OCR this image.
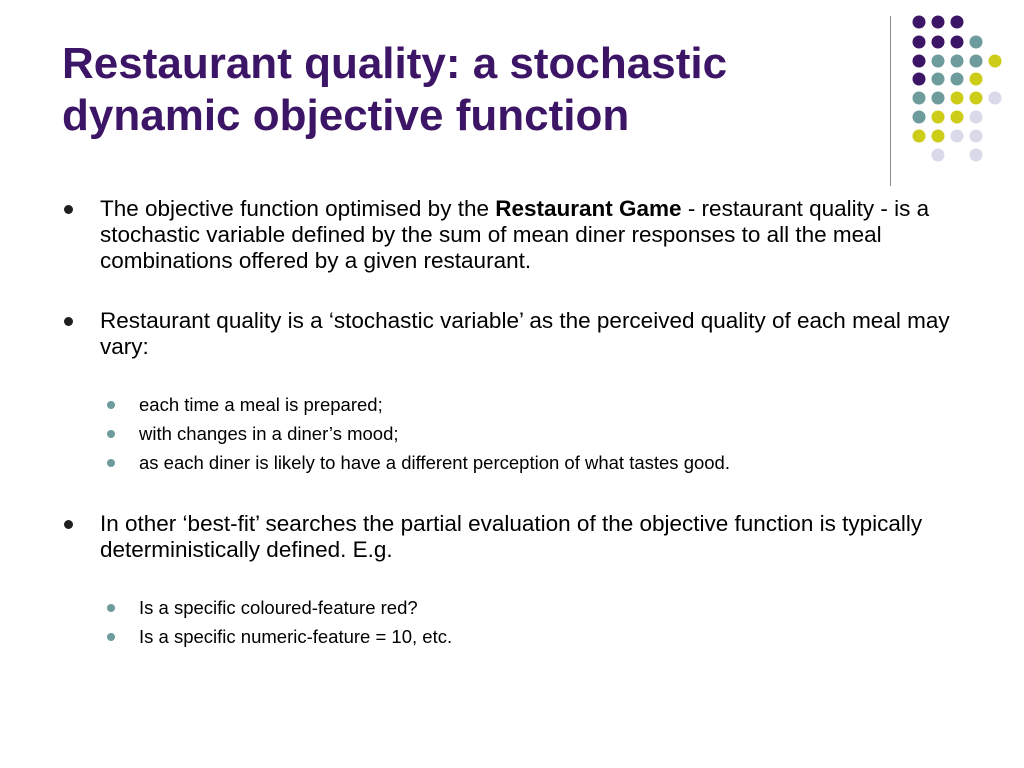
Restaurant quality: a stochastic
dynamic objective function
The objective function optimised by the Restaurant Game - restaurant quality - is a stochastic variable defined by the sum of mean diner responses to all the meal combinations offered by a given restaurant.
Restaurant quality is a ‘stochastic variable’ as the perceived quality of each meal may vary:
each time a meal is prepared;
with changes in a diner’s mood;
as each diner is likely to have a different perception of what tastes good.
In other ‘best-fit’ searches the partial evaluation of the objective function is typically deterministically defined. E.g.
Is a specific coloured-feature red?
Is a specific numeric-feature = 10, etc.
